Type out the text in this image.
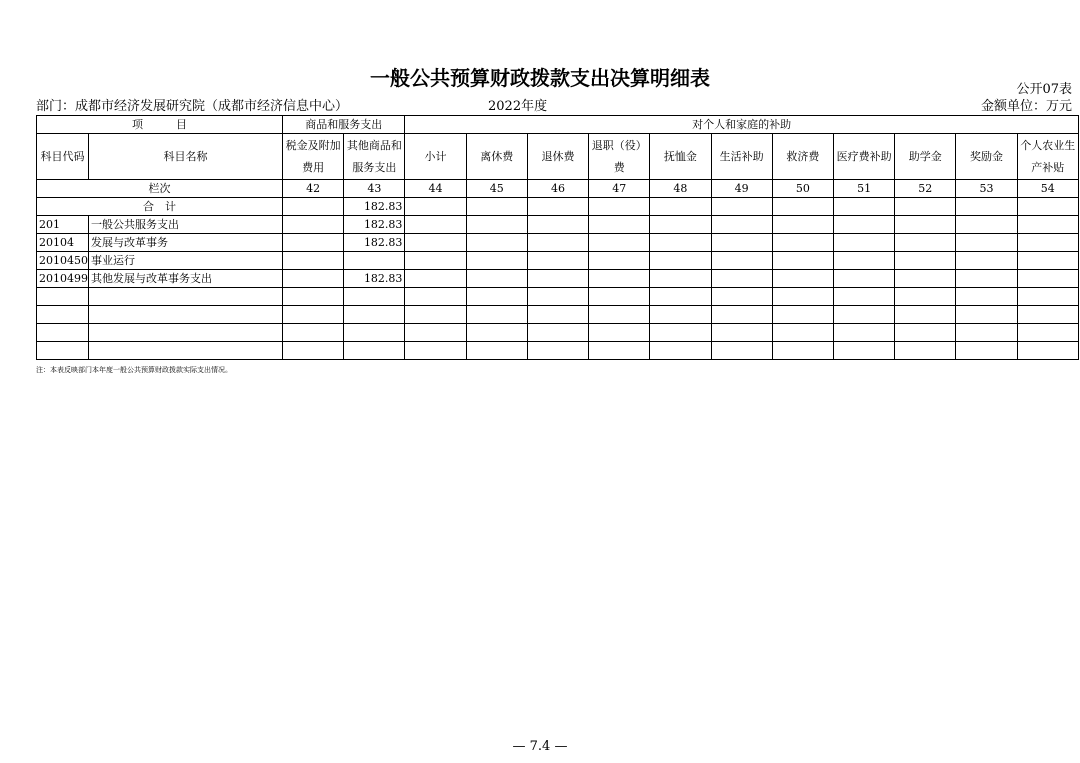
一般公共预算财政拨款支出决算明细表	公开07表
部门：成都市经济发展研究院（成都市经济信息中心）	2022年度	金额单位：万元
项　　　目		商品和服务支出		对个人和家庭的补助										
科目代码	科目名称	税金及附加费用	其他商品和服务支出	小计	离休费	退休费	退职（役）费	抚恤金	生活补助	救济费	医疗费补助	助学金	奖励金	个人农业生产补贴
栏次		42	43	44	45	46	47	48	49	50	51	52	53	54
合　计			182.83											
201	一般公共服务支出		182.83											
20104	发展与改革事务		182.83											
2010450	事业运行													
2010499	其他发展与改革事务支出		182.83											

注：本表反映部门本年度一般公共预算财政拨款实际支出情况。
— 7.4 —
